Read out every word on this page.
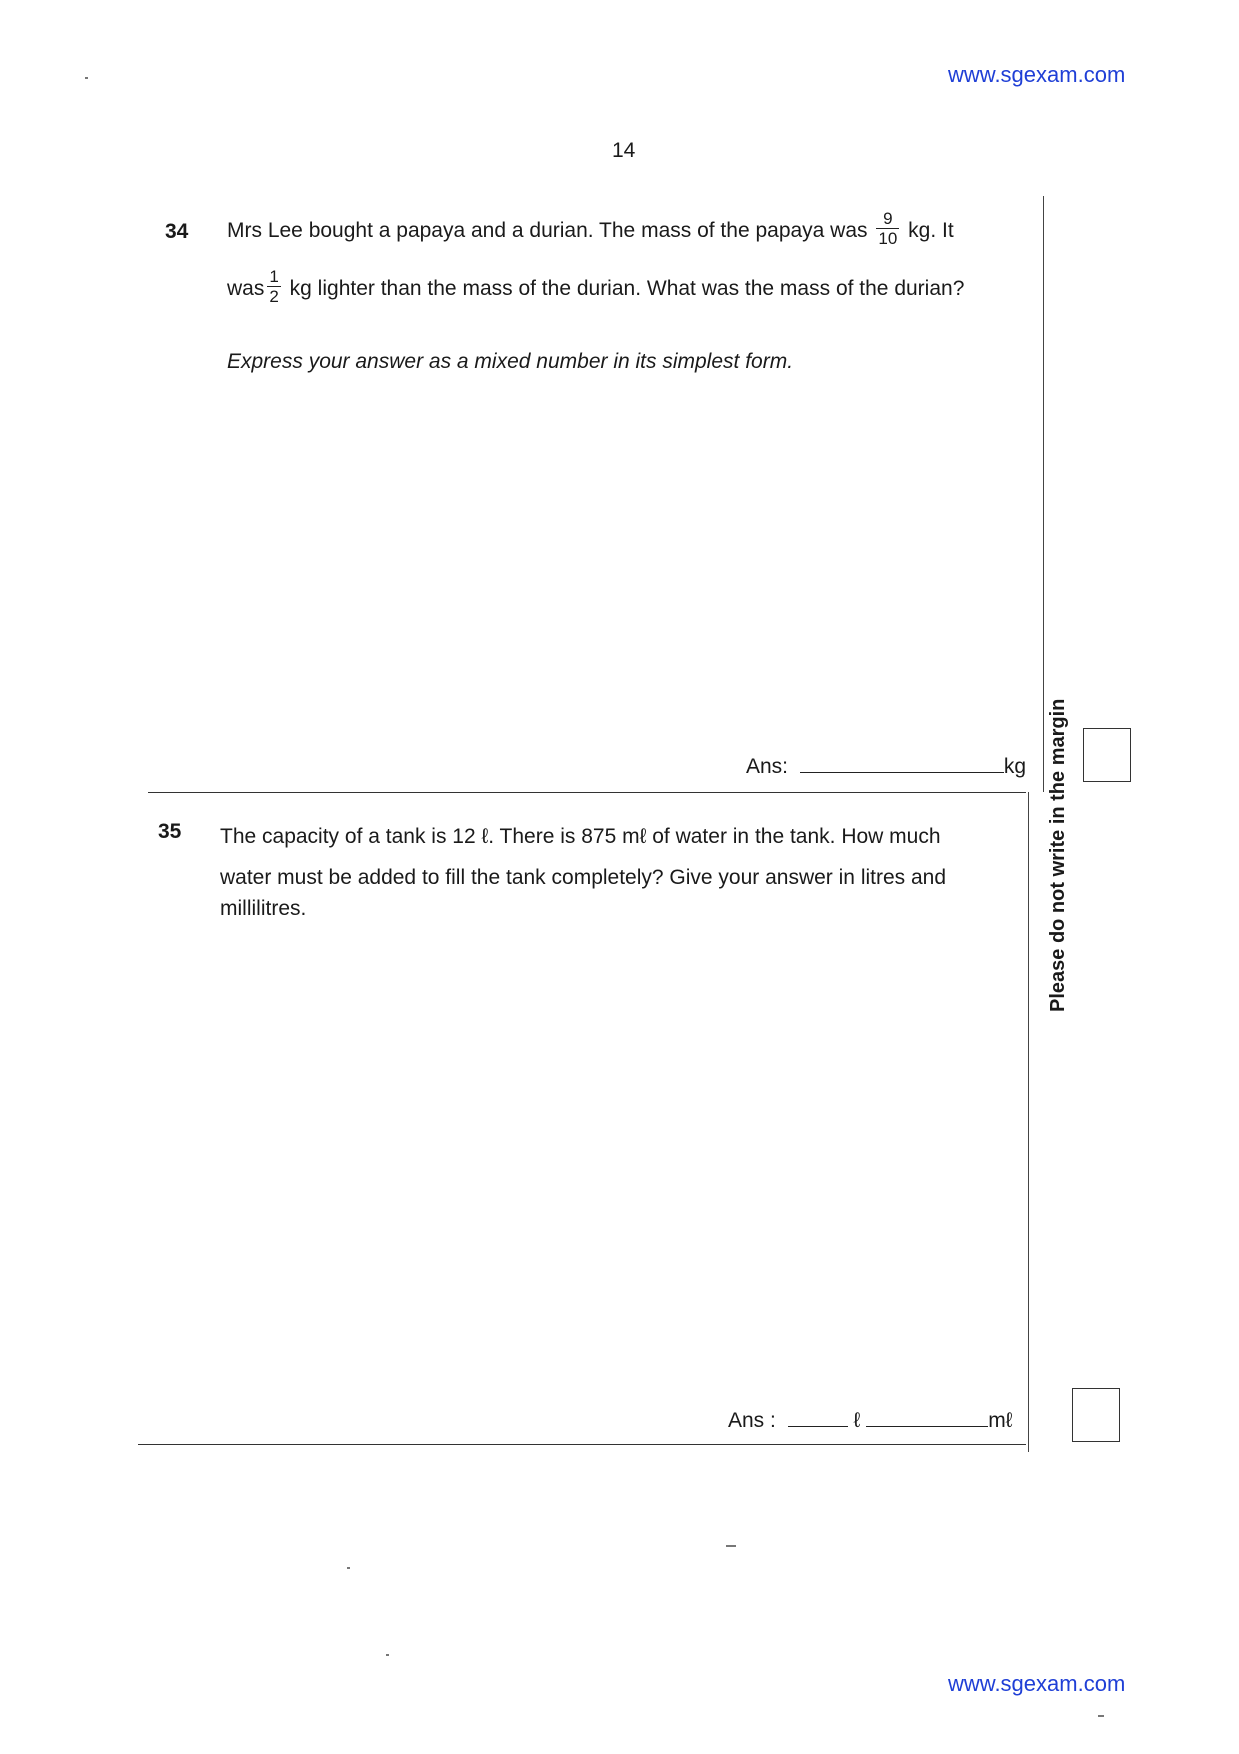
www.sgexam.com
14
34 Mrs Lee bought a papaya and a durian. The mass of the papaya was $\frac{9}{10}$ kg. It
was $\frac{1}{2}$ kg lighter than the mass of the durian. What was the mass of the durian?
Express your answer as a mixed number in its simplest form.
Ans:	kg
35 The capacity of a tank is 12 ℓ. There is 875 mℓ of water in the tank. How much
water must be added to fill the tank completely? Give your answer in litres and
millilitres.
Ans :	ℓ	mℓ
Please do not write in the margin
www.sgexam.com
